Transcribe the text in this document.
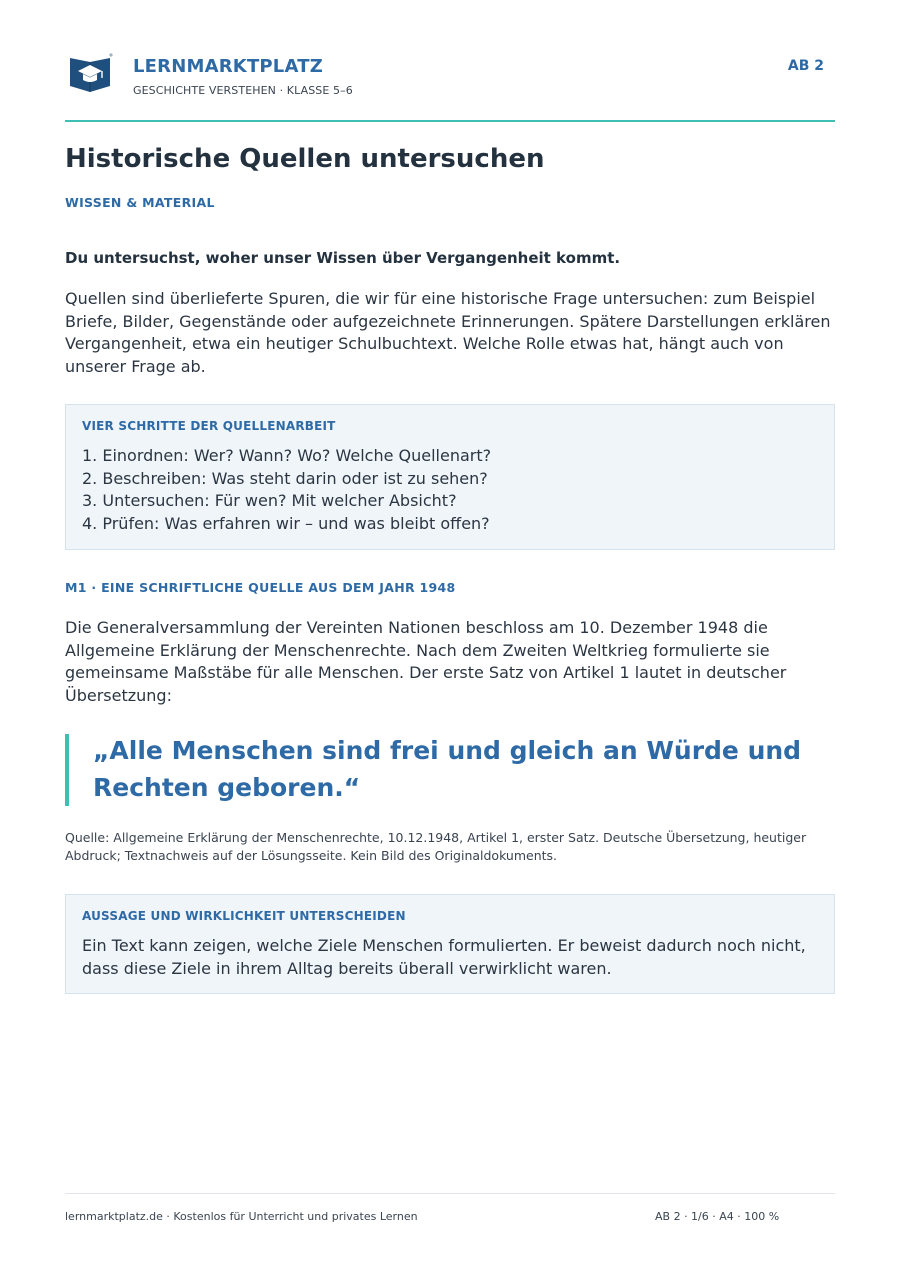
LERNMARKTPLATZ
GESCHICHTE VERSTEHEN · KLASSE 5–6
AB 2
Historische Quellen untersuchen
WISSEN & MATERIAL
Du untersuchst, woher unser Wissen über Vergangenheit kommt.

Quellen sind überlieferte Spuren, die wir für eine historische Frage untersuchen: zum Beispiel Briefe, Bilder, Gegenstände oder aufgezeichnete Erinnerungen. Spätere Darstellungen erklären Vergangenheit, etwa ein heutiger Schulbuchtext. Welche Rolle etwas hat, hängt auch von unserer Frage ab.

VIER SCHRITTE DER QUELLENARBEIT
1. Einordnen: Wer? Wann? Wo? Welche Quellenart?
2. Beschreiben: Was steht darin oder ist zu sehen?
3. Untersuchen: Für wen? Mit welcher Absicht?
4. Prüfen: Was erfahren wir – und was bleibt offen?
M1 · EINE SCHRIFTLICHE QUELLE AUS DEM JAHR 1948

Die Generalversammlung der Vereinten Nationen beschloss am 10. Dezember 1948 die Allgemeine Erklärung der Menschenrechte. Nach dem Zweiten Weltkrieg formulierte sie gemeinsame Maßstäbe für alle Menschen. Der erste Satz von Artikel 1 lautet in deutscher Übersetzung:

„Alle Menschen sind frei und gleich an Würde und Rechten geboren.“

Quelle: Allgemeine Erklärung der Menschenrechte, 10.12.1948, Artikel 1, erster Satz. Deutsche Übersetzung, heutiger Abdruck; Textnachweis auf der Lösungsseite. Kein Bild des Originaldokuments.

AUSSAGE UND WIRKLICHKEIT UNTERSCHEIDEN

Ein Text kann zeigen, welche Ziele Menschen formulierten. Er beweist dadurch noch nicht, dass diese Ziele in ihrem Alltag bereits überall verwirklicht waren.

lernmarktplatz.de · Kostenlos für Unterricht und privates Lernen	AB 2 · 1/6 · A4 · 100 %
